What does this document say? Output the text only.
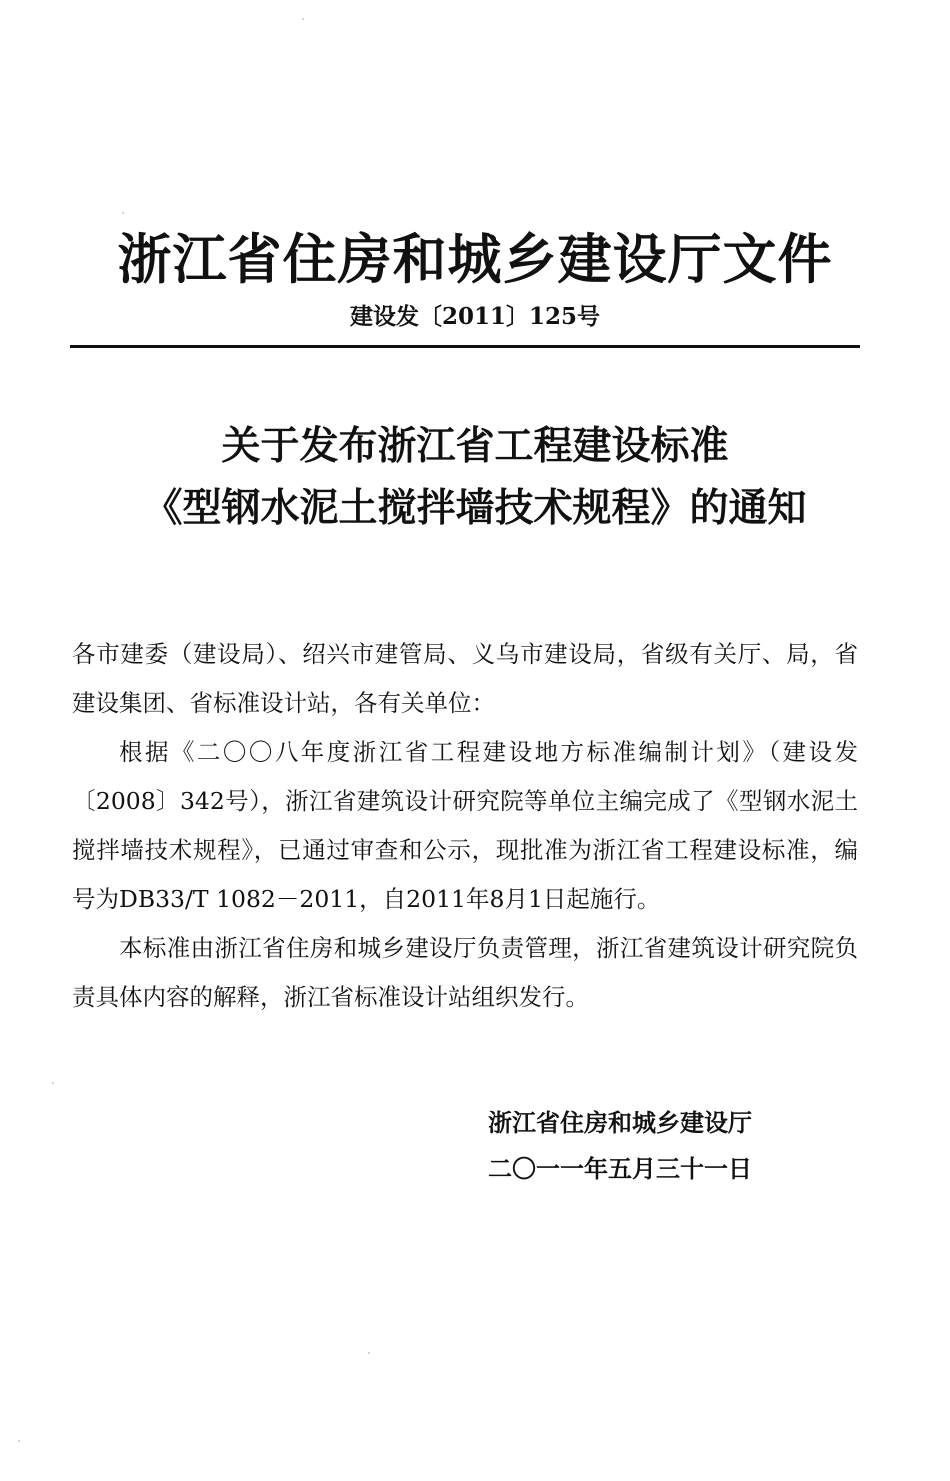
浙江省住房和城乡建设厅文件
建设发〔2011〕125号
关于发布浙江省工程建设标准
《型钢水泥土搅拌墙技术规程》的通知

各市建委（建设局）、绍兴市建管局、义乌市建设局，省级有关厅、局，省建设集团、省标准设计站，各有关单位：

根据《二〇〇八年度浙江省工程建设地方标准编制计划》（建设发〔2008〕342号），浙江省建筑设计研究院等单位主编完成了《型钢水泥土搅拌墙技术规程》，已通过审查和公示，现批准为浙江省工程建设标准，编号为DB33/T 1082－2011，自2011年8月1日起施行。

本标准由浙江省住房和城乡建设厅负责管理，浙江省建筑设计研究院负责具体内容的解释，浙江省标准设计站组织发行。

浙江省住房和城乡建设厅
二〇一一年五月三十一日
